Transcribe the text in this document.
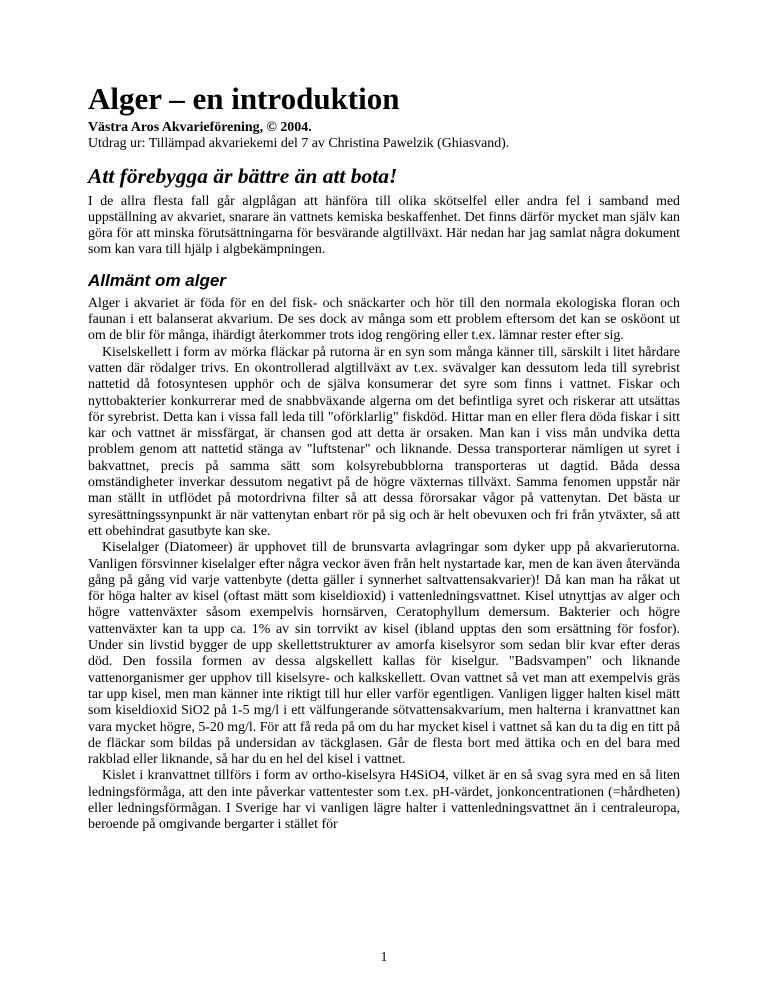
Alger – en introduktion
Västra Aros Akvarieförening, © 2004.
Utdrag ur: Tillämpad akvariekemi del 7 av Christina Pawelzik (Ghiasvand).
Att förebygga är bättre än att bota!

I de allra flesta fall går algplågan att hänföra till olika skötselfel eller andra fel i samband med uppställning av akvariet, snarare än vattnets kemiska beskaffenhet. Det finns därför mycket man själv kan göra för att minska förutsättningarna för besvärande algtillväxt. Här nedan har jag samlat några dokument som kan vara till hjälp i algbekämpningen.

Allmänt om alger

Alger i akvariet är föda för en del fisk- och snäckarter och hör till den normala ekologiska floran och faunan i ett balanserat akvarium. De ses dock av många som ett problem eftersom det kan se osköont ut om de blir för många, ihärdigt återkommer trots idog rengöring eller t.ex. lämnar rester efter sig.

Kiselskellett i form av mörka fläckar på rutorna är en syn som många känner till, särskilt i litet hårdare vatten där rödalger trivs. En okontrollerad algtillväxt av t.ex. svävalger kan dessutom leda till syrebrist nattetid då fotosyntesen upphör och de själva konsumerar det syre som finns i vattnet. Fiskar och nyttobakterier konkurrerar med de snabbväxande algerna om det befintliga syret och riskerar att utsättas för syrebrist. Detta kan i vissa fall leda till "oförklarlig" fiskdöd. Hittar man en eller flera döda fiskar i sitt kar och vattnet är missfärgat, är chansen god att detta är orsaken. Man kan i viss mån undvika detta problem genom att nattetid stänga av "luftstenar" och liknande. Dessa transporterar nämligen ut syret i bakvattnet, precis på samma sätt som kolsyrebubblorna transporteras ut dagtid. Båda dessa omständigheter inverkar dessutom negativt på de högre växternas tillväxt. Samma fenomen uppstår när man ställt in utflödet på motordrivna filter så att dessa förorsakar vågor på vattenytan. Det bästa ur syresättningssynpunkt är när vattenytan enbart rör på sig och är helt obevuxen och fri från ytväxter, så att ett obehindrat gasutbyte kan ske.

Kiselalger (Diatomeer) är upphovet till de brunsvarta avlagringar som dyker upp på akvarierutorna. Vanligen försvinner kiselalger efter några veckor även från helt nystartade kar, men de kan även återvända gång på gång vid varje vattenbyte (detta gäller i synnerhet saltvattensakvarier)! Då kan man ha råkat ut för höga halter av kisel (oftast mätt som kiseldioxid) i vattenledningsvattnet. Kisel utnyttjas av alger och högre vattenväxter såsom exempelvis hornsärven, Ceratophyllum demersum. Bakterier och högre vattenväxter kan ta upp ca. 1% av sin torrvikt av kisel (ibland upptas den som ersättning för fosfor). Under sin livstid bygger de upp skellettstrukturer av amorfa kiselsyror som sedan blir kvar efter deras död. Den fossila formen av dessa algskellett kallas för kiselgur. "Badsvampen" och liknande vattenorganismer ger upphov till kiselsyre- och kalkskellett. Ovan vattnet så vet man att exempelvis gräs tar upp kisel, men man känner inte riktigt till hur eller varför egentligen. Vanligen ligger halten kisel mätt som kiseldioxid SiO2 på 1-5 mg/l i ett välfungerande sötvattensakvarium, men halterna i kranvattnet kan vara mycket högre, 5-20 mg/l. För att få reda på om du har mycket kisel i vattnet så kan du ta dig en titt på de fläckar som bildas på undersidan av täckglasen. Går de flesta bort med ättika och en del bara med rakblad eller liknande, så har du en hel del kisel i vattnet.

Kislet i kranvattnet tillförs i form av ortho-kiselsyra H4SiO4, vilket är en så svag syra med en så liten ledningsförmåga, att den inte påverkar vattentester som t.ex. pH-värdet, jonkoncentrationen (=hårdheten) eller ledningsförmågan. I Sverige har vi vanligen lägre halter i vattenledningsvattnet än i centraleuropa, beroende på omgivande bergarter i stället för

1
